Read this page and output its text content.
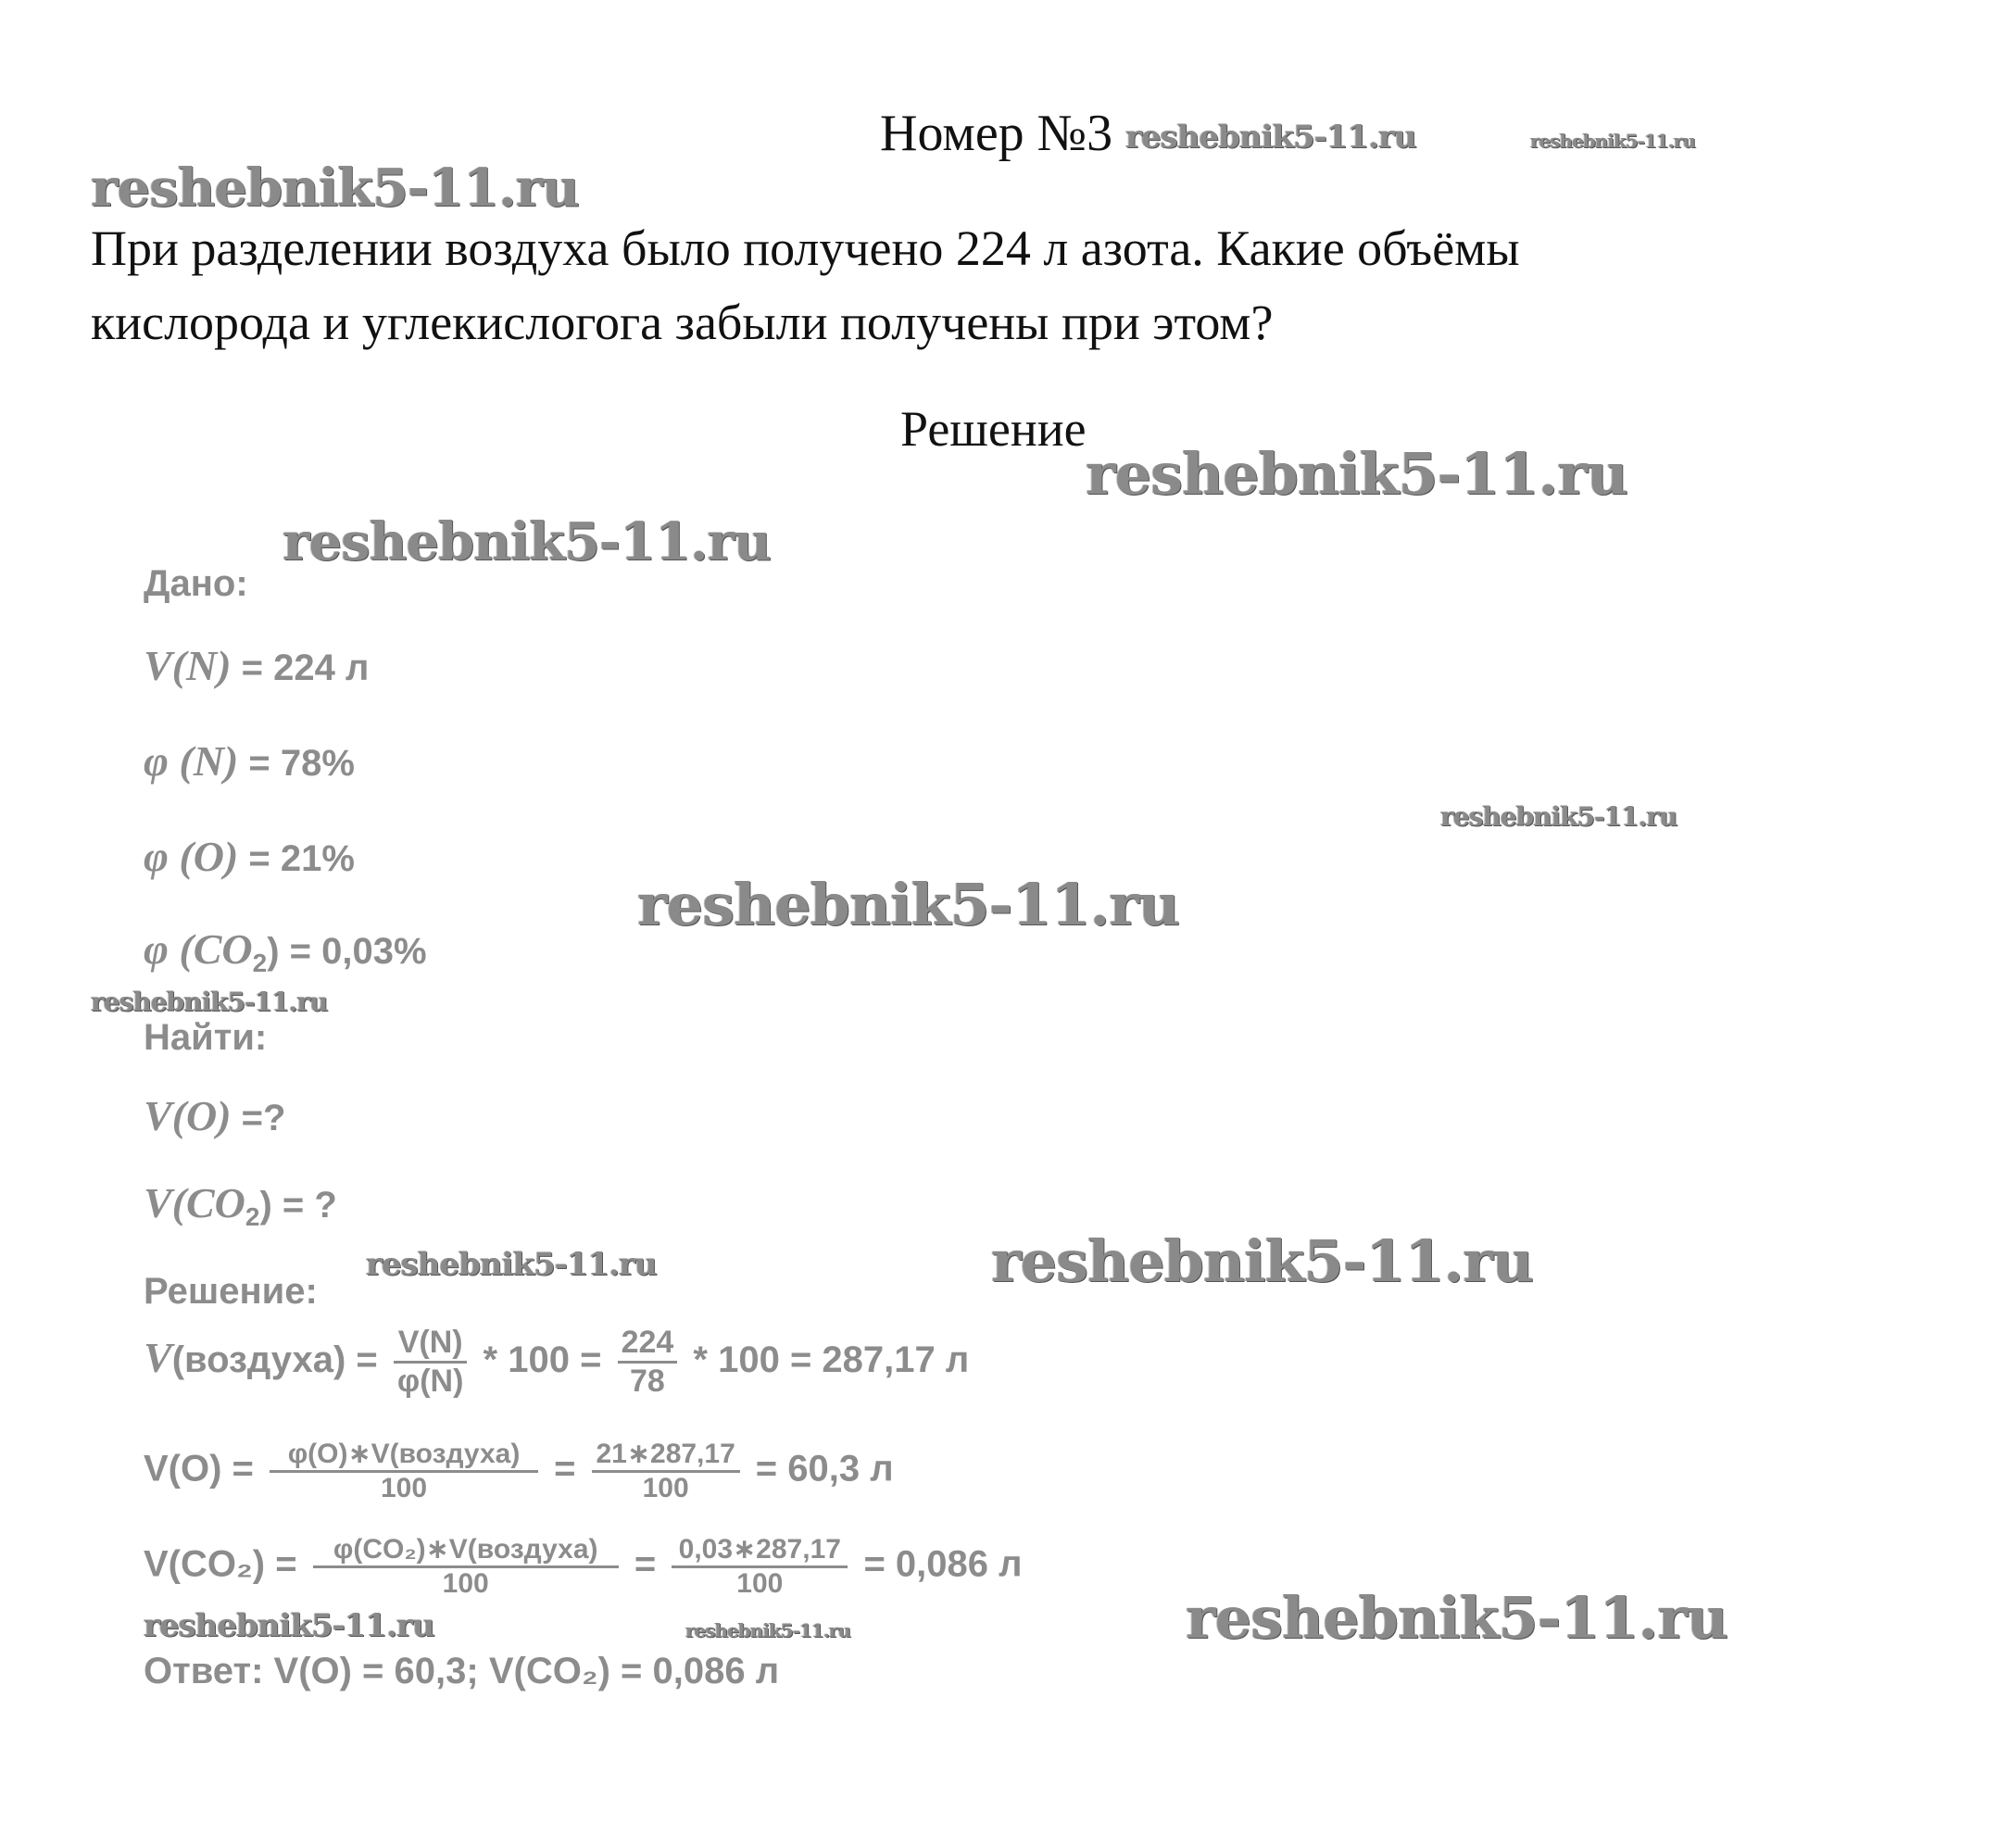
Номер №3 reshebnik5-11.ru	reshebnik5-11.ru
reshebnik5-11.ru
reshebnik5-11.ru
reshebnik5-11.ru
reshebnik5-11.ru
reshebnik5-11.ru
reshebnik5-11.ru
reshebnik5-11.ru	reshebnik5-11.ru
reshebnik5-11.ru	reshebnik5-11.ru	reshebnik5-11.ru
При разделении воздуха было получено 224 л азота. Какие объёмы
кислорода и углекислогога забыли получены при этом?
Решение
Дано:
V(N) = 224 л
φ (N) = 78%
φ (O) = 21%
φ $(CO_2) = 0,03\%$
Найти:
V(O) =?
$V(CO_2)$ = ?
Решение:
V(воздуха) = $\frac{V(N)}{\varphi(N)} * 100 = \frac{224}{78} * 100 = 287,17$ л
$V(O) = \frac{\text{φ(O)∗V(воздуха)}}{100} = \frac{21∗287,17}{100} = 60,3$ л
$V(CO_2) = \frac{\text{φ(CO₂)∗V(воздуха)}}{100} = \frac{0,03∗287,17}{100} = 0,086$ л
Ответ: V(O) = 60,3; V(CO₂) = 0,086 л
